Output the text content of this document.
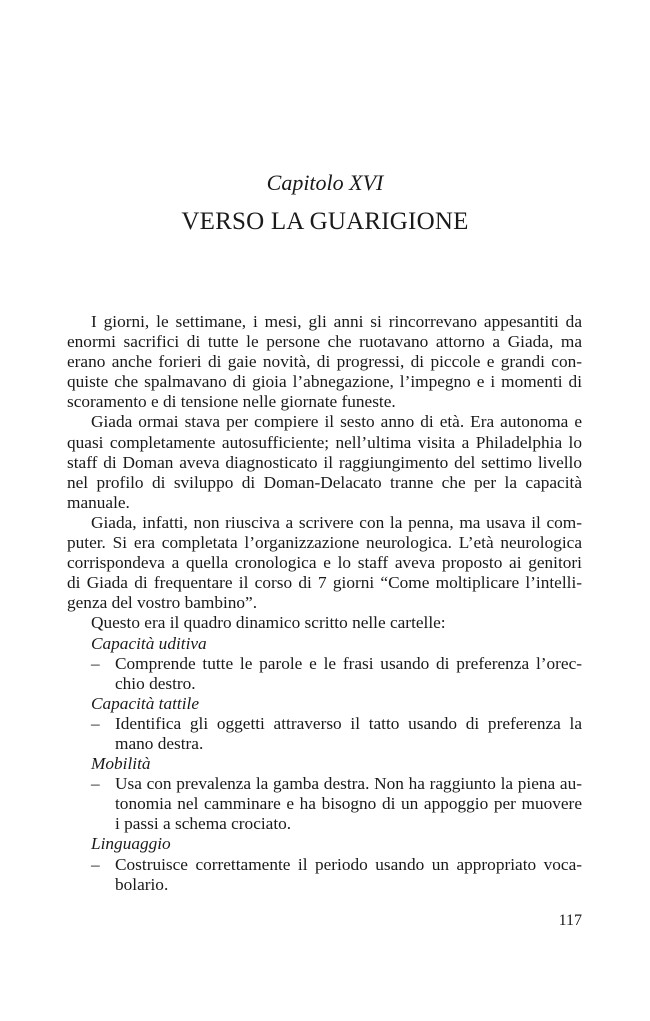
Capitolo XVI
VERSO LA GUARIGIONE
I giorni, le settimane, i mesi, gli anni si rincorrevano appesantiti da
enormi sacrifici di tutte le persone che ruotavano attorno a Giada, ma
erano anche forieri di gaie novità, di progressi, di piccole e grandi con-
quiste che spalmavano di gioia l’abnegazione, l’impegno e i momenti di
scoramento e di tensione nelle giornate funeste.
Giada ormai stava per compiere il sesto anno di età. Era autonoma e
quasi completamente autosufficiente; nell’ultima visita a Philadelphia lo
staff di Doman aveva diagnosticato il raggiungimento del settimo livello
nel profilo di sviluppo di Doman-Delacato tranne che per la capacità
manuale.
Giada, infatti, non riusciva a scrivere con la penna, ma usava il com-
puter. Si era completata l’organizzazione neurologica. L’età neurologica
corrispondeva a quella cronologica e lo staff aveva proposto ai genitori
di Giada di frequentare il corso di 7 giorni “Come moltiplicare l’intelli-
genza del vostro bambino”.
Questo era il quadro dinamico scritto nelle cartelle:
Capacità uditiva
– Comprende tutte le parole e le frasi usando di preferenza l’orec-
chio destro.
Capacità tattile
– Identifica gli oggetti attraverso il tatto usando di preferenza la
mano destra.
Mobilità
– Usa con prevalenza la gamba destra. Non ha raggiunto la piena au-
tonomia nel camminare e ha bisogno di un appoggio per muovere
i passi a schema crociato.
Linguaggio
– Costruisce correttamente il periodo usando un appropriato voca-
bolario.
117
